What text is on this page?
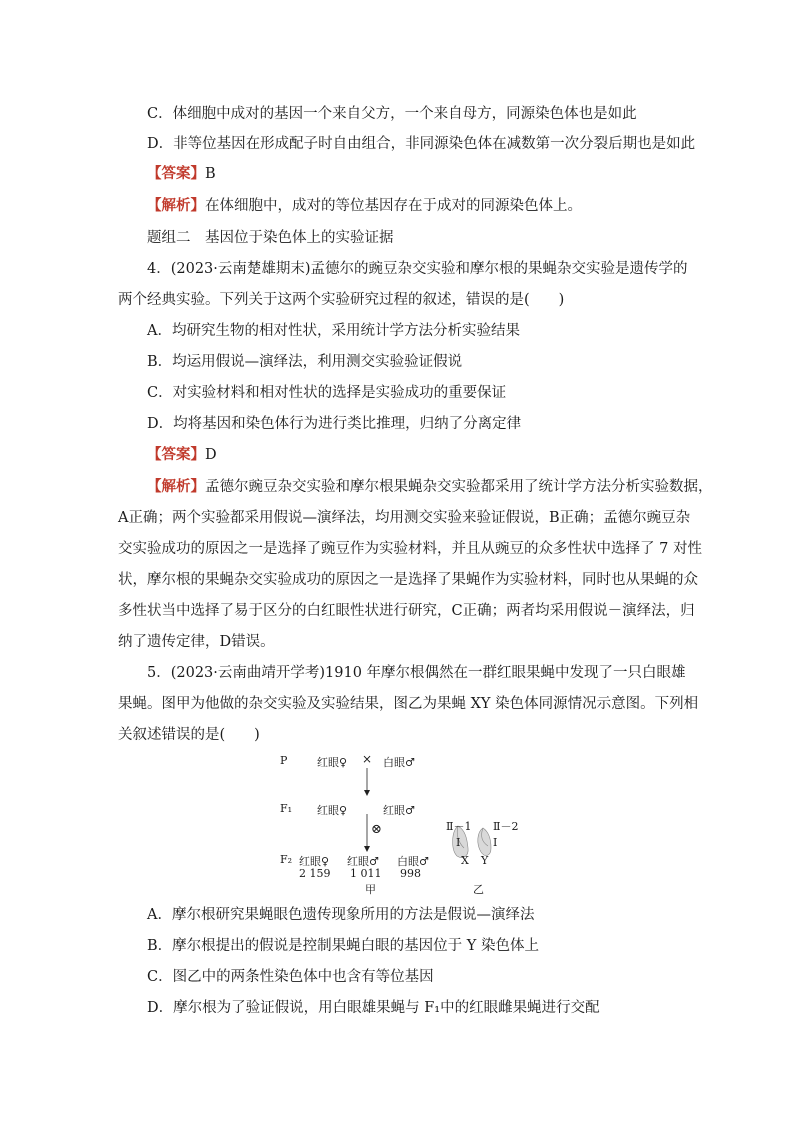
C．体细胞中成对的基因一个来自父方，一个来自母方，同源染色体也是如此
D．非等位基因在形成配子时自由组合，非同源染色体在减数第一次分裂后期也是如此
【答案】B
【解析】在体细胞中，成对的等位基因存在于成对的同源染色体上。
题组二　基因位于染色体上的实验证据
4．(2023·云南楚雄期末)孟德尔的豌豆杂交实验和摩尔根的果蝇杂交实验是遗传学的
两个经典实验。下列关于这两个实验研究过程的叙述，错误的是(　　)
A．均研究生物的相对性状，采用统计学方法分析实验结果
B．均运用假说—演绎法，利用测交实验验证假说
C．对实验材料和相对性状的选择是实验成功的重要保证
D．均将基因和染色体行为进行类比推理，归纳了分离定律
【答案】D
【解析】孟德尔豌豆杂交实验和摩尔根果蝇杂交实验都采用了统计学方法分析实验数据，
A正确；两个实验都采用假说—演绎法，均用测交实验来验证假说，B正确；孟德尔豌豆杂
交实验成功的原因之一是选择了豌豆作为实验材料，并且从豌豆的众多性状中选择了 7 对性
状，摩尔根的果蝇杂交实验成功的原因之一是选择了果蝇作为实验材料，同时也从果蝇的众
多性状当中选择了易于区分的白红眼性状进行研究，C正确；两者均采用假说－演绎法，归
纳了遗传定律，D错误。
5．(2023·云南曲靖开学考)1910 年摩尔根偶然在一群红眼果蝇中发现了一只白眼雄
果蝇。图甲为他做的杂交实验及实验结果，图乙为果蝇 XY 染色体同源情况示意图。下列相
关叙述错误的是(　　)
P	红眼♀ × 白眼♂
F₁ 红眼♀	红眼♂
⊗
F₂ 红眼♀ 红眼♂ 白眼♂
2 159 1 011 998
Ⅱ－1 Ⅱ－2
Ⅰ	Ⅰ
X Y
甲	乙
A．摩尔根研究果蝇眼色遗传现象所用的方法是假说—演绎法
B．摩尔根提出的假说是控制果蝇白眼的基因位于 Y 染色体上
C．图乙中的两条性染色体中也含有等位基因
D．摩尔根为了验证假说，用白眼雄果蝇与 F₁中的红眼雌果蝇进行交配
